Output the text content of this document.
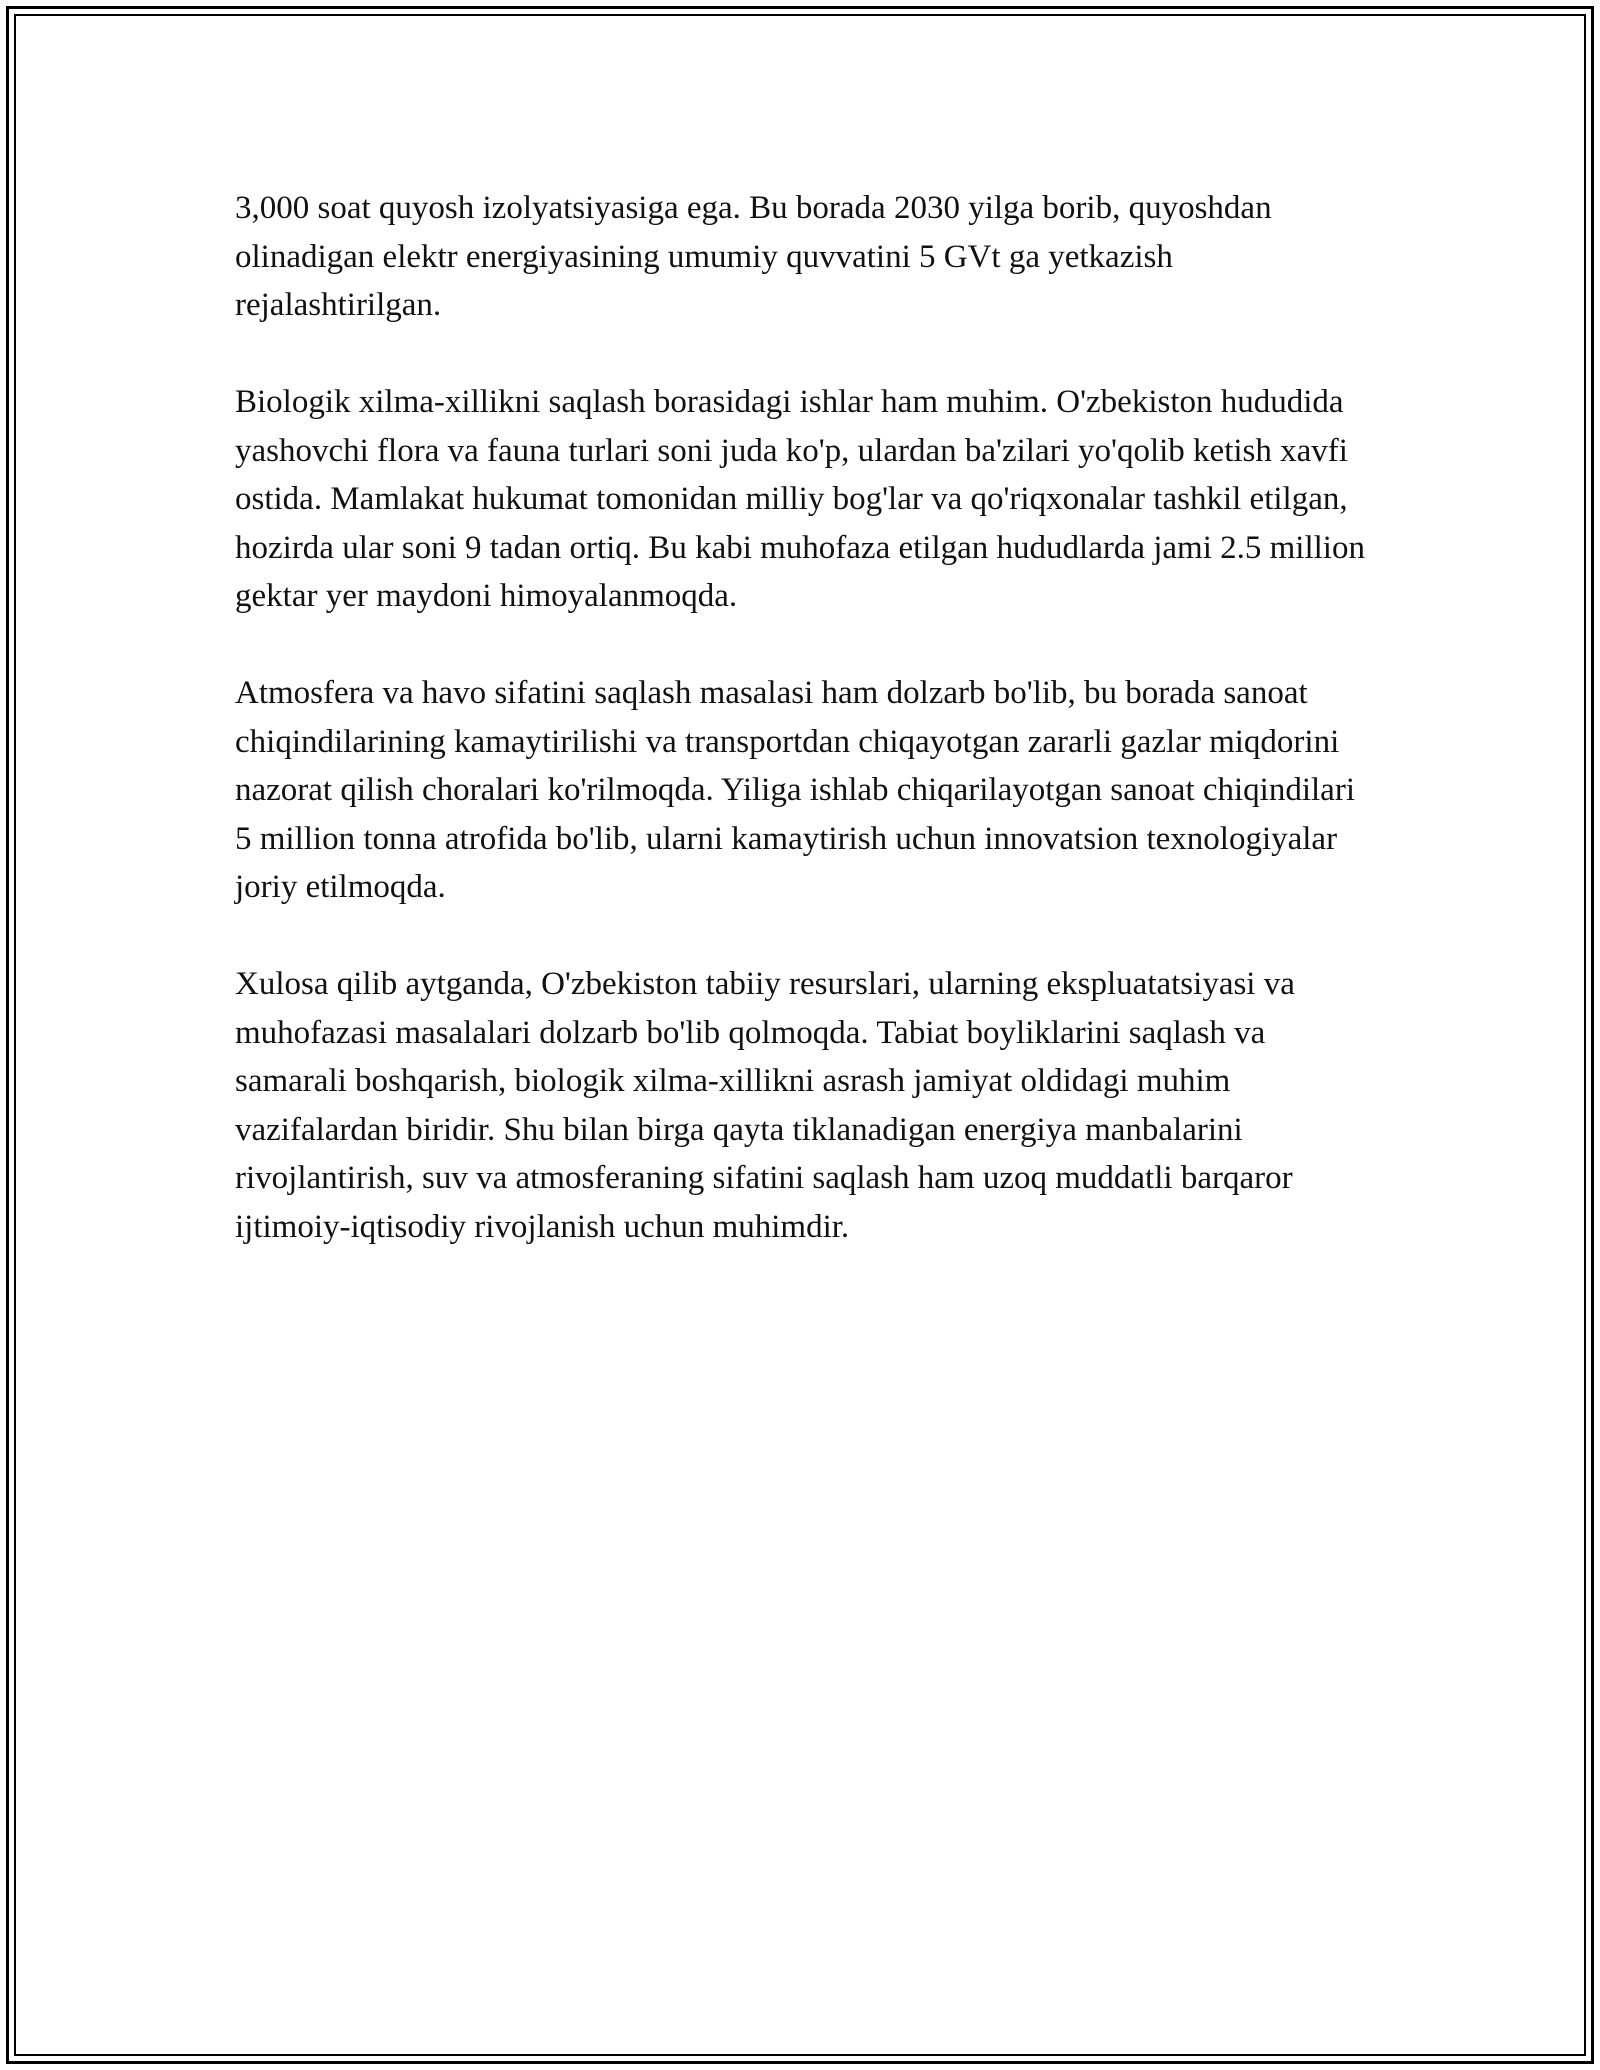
3,000 soat quyosh izolyatsiyasiga ega. Bu borada 2030 yilga borib, quyoshdan olinadigan elektr energiyasining umumiy quvvatini 5 GVt ga yetkazish rejalashtirilgan.

Biologik xilma-xillikni saqlash borasidagi ishlar ham muhim. O'zbekiston hududida yashovchi flora va fauna turlari soni juda ko'p, ulardan ba'zilari yo'qolib ketish xavfi ostida. Mamlakat hukumat tomonidan milliy bog'lar va qo'riqxonalar tashkil etilgan, hozirda ular soni 9 tadan ortiq. Bu kabi muhofaza etilgan hududlarda jami 2.5 million gektar yer maydoni himoyalanmoqda.

Atmosfera va havo sifatini saqlash masalasi ham dolzarb bo'lib, bu borada sanoat chiqindilarining kamaytirilishi va transportdan chiqayotgan zararli gazlar miqdorini nazorat qilish choralari ko'rilmoqda. Yiliga ishlab chiqarilayotgan sanoat chiqindilari 5 million tonna atrofida bo'lib, ularni kamaytirish uchun innovatsion texnologiyalar joriy etilmoqda.

Xulosa qilib aytganda, O'zbekiston tabiiy resurslari, ularning ekspluatatsiyasi va muhofazasi masalalari dolzarb bo'lib qolmoqda. Tabiat boyliklarini saqlash va samarali boshqarish, biologik xilma-xillikni asrash jamiyat oldidagi muhim vazifalardan biridir. Shu bilan birga qayta tiklanadigan energiya manbalarini rivojlantirish, suv va atmosferaning sifatini saqlash ham uzoq muddatli barqaror ijtimoiy-iqtisodiy rivojlanish uchun muhimdir.
